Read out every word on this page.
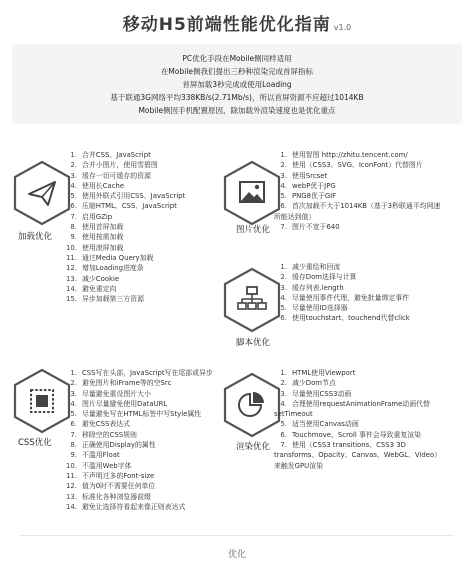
移动H5前端性能优化指南 v1.0
PC优化手段在Mobile侧同样适用
在Mobile侧我们提出三秒种渲染完成首屏指标
首屏加载3秒完成或使用Loading
基于联通3G网络平均338KB/s(2.71Mb/s)，所以首屏资源不应超过1014KB
Mobile侧因手机配置原因，除加载外渲染速度也是优化重点
加载优化
1. 合并CSS、JavaScript
2. 合并小图片，使用雪碧图
3. 缓存一切可缓存的资源
4. 使用长Cache
5. 使用外联式引用CSS、JavaScript
6. 压缩HTML、CSS、JavaScript
7. 启用GZip
8. 使用首屏加载
9. 使用按需加载
10. 使用滚屏加载
11. 通过Media Query加载
12. 增加Loading进度条
13. 减少Cookie
14. 避免重定向
15. 异步加载第三方资源
图片优化
1. 使用智图 http://zhitu.tencent.com/
2. 使用（CSS3、SVG、IconFont）代替图片
3. 使用Srcset
4. webP优于JPG
5. PNG8优于GIF
6. 首次加载不大于1014KB（基于3秒联通平均网速所能达到值）
7. 图片不宽于640
脚本优化
1. 减少重绘和回流
2. 缓存Dom选择与计算
3. 缓存列表.length
4. 尽量使用事件代理，避免批量绑定事件
5. 尽量使用ID选择器
6. 使用touchstart、touchend代替click
CSS优化
1. CSS写在头部，JavaScript写在尾部或异步
2. 避免图片和iFrame等的空Src
3. 尽量避免重设图片大小
4. 图片尽量避免使用DataURL
5. 尽量避免写在HTML标签中写Style属性
6. 避免CSS表达式
7. 移除空的CSS规则
8. 正确使用Display的属性
9. 不滥用Float
10. 不滥用Web字体
11. 不声明过多的Font-size
12. 值为0时不需要任何单位
13. 标准化各种浏览器前缀
14. 避免让选择符看起来像正则表达式
渲染优化
1. HTML使用Viewport
2. 减少Dom节点
3. 尽量使用CSS3动画
4. 合理使用requestAnimationFrame动画代替setTimeout
5. 适当使用Canvas动画
6. Touchmove、Scroll 事件会导致重复渲染
7. 使用（CSS3 transitions、CSS3 3D transforms、Opacity、Canvas、WebGL、Video）来触发GPU渲染
优化
